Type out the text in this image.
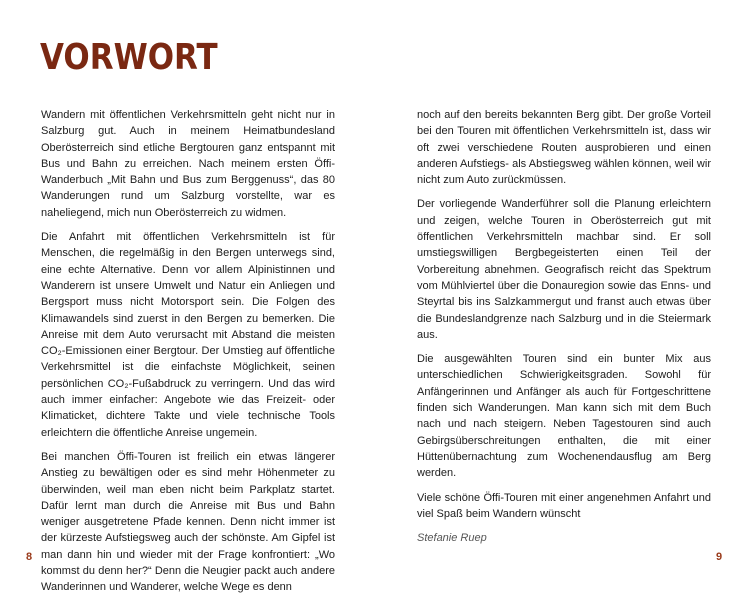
VORWORT

Wandern mit öffentlichen Verkehrsmitteln geht nicht nur in Salzburg gut. Auch in meinem Heimatbundesland Oberösterreich sind etliche Bergtouren ganz entspannt mit Bus und Bahn zu erreichen. Nach meinem ersten Öffi-Wanderbuch „Mit Bahn und Bus zum Berggenuss“, das 80 Wanderungen rund um Salzburg vorstellte, war es naheliegend, mich nun Oberösterreich zu widmen.

Die Anfahrt mit öffentlichen Verkehrsmitteln ist für Menschen, die regelmäßig in den Bergen unterwegs sind, eine echte Alternative. Denn vor allem Alpinistinnen und Wanderern ist unsere Umwelt und Natur ein Anliegen und Bergsport muss nicht Motorsport sein. Die Folgen des Klimawandels sind zuerst in den Bergen zu bemerken. Die Anreise mit dem Auto verursacht mit Abstand die meisten CO₂-Emissionen einer Bergtour. Der Umstieg auf öffentliche Verkehrsmittel ist die einfachste Möglichkeit, seinen persönlichen CO₂-Fußabdruck zu verringern. Und das wird auch immer einfacher: Angebote wie das Freizeit- oder Klimaticket, dichtere Takte und viele technische Tools erleichtern die öffentliche Anreise ungemein.

Bei manchen Öffi-Touren ist freilich ein etwas längerer Anstieg zu bewältigen oder es sind mehr Höhenmeter zu überwinden, weil man eben nicht beim Parkplatz startet. Dafür lernt man durch die Anreise mit Bus und Bahn weniger ausgetretene Pfade kennen. Denn nicht immer ist der kürzeste Aufstiegsweg auch der schönste. Am Gipfel ist man dann hin und wieder mit der Frage konfrontiert: „Wo kommst du denn her?“ Denn die Neugier packt auch andere Wanderinnen und Wanderer, welche Wege es denn

8

noch auf den bereits bekannten Berg gibt. Der große Vorteil bei den Touren mit öffentlichen Verkehrsmitteln ist, dass wir oft zwei verschiedene Routen ausprobieren und einen anderen Aufstiegs- als Abstiegsweg wählen können, weil wir nicht zum Auto zurückmüssen.

Der vorliegende Wanderführer soll die Planung erleichtern und zeigen, welche Touren in Oberösterreich gut mit öffentlichen Verkehrsmitteln machbar sind. Er soll umstiegswilligen Bergbegeisterten einen Teil der Vorbereitung abnehmen. Geografisch reicht das Spektrum vom Mühlviertel über die Donauregion sowie das Enns- und Steyrtal bis ins Salzkammergut und franst auch etwas über die Bundeslandgrenze nach Salzburg und in die Steiermark aus.

Die ausgewählten Touren sind ein bunter Mix aus unterschiedlichen Schwierigkeitsgraden. Sowohl für Anfängerinnen und Anfänger als auch für Fortgeschrittene finden sich Wanderungen. Man kann sich mit dem Buch nach und nach steigern. Neben Tagestouren sind auch Gebirgsüberschreitungen enthalten, die mit einer Hüttenübernachtung zum Wochenendausflug am Berg werden.

Viele schöne Öffi-Touren mit einer angenehmen Anfahrt und viel Spaß beim Wandern wünscht

Stefanie Ruep

9
